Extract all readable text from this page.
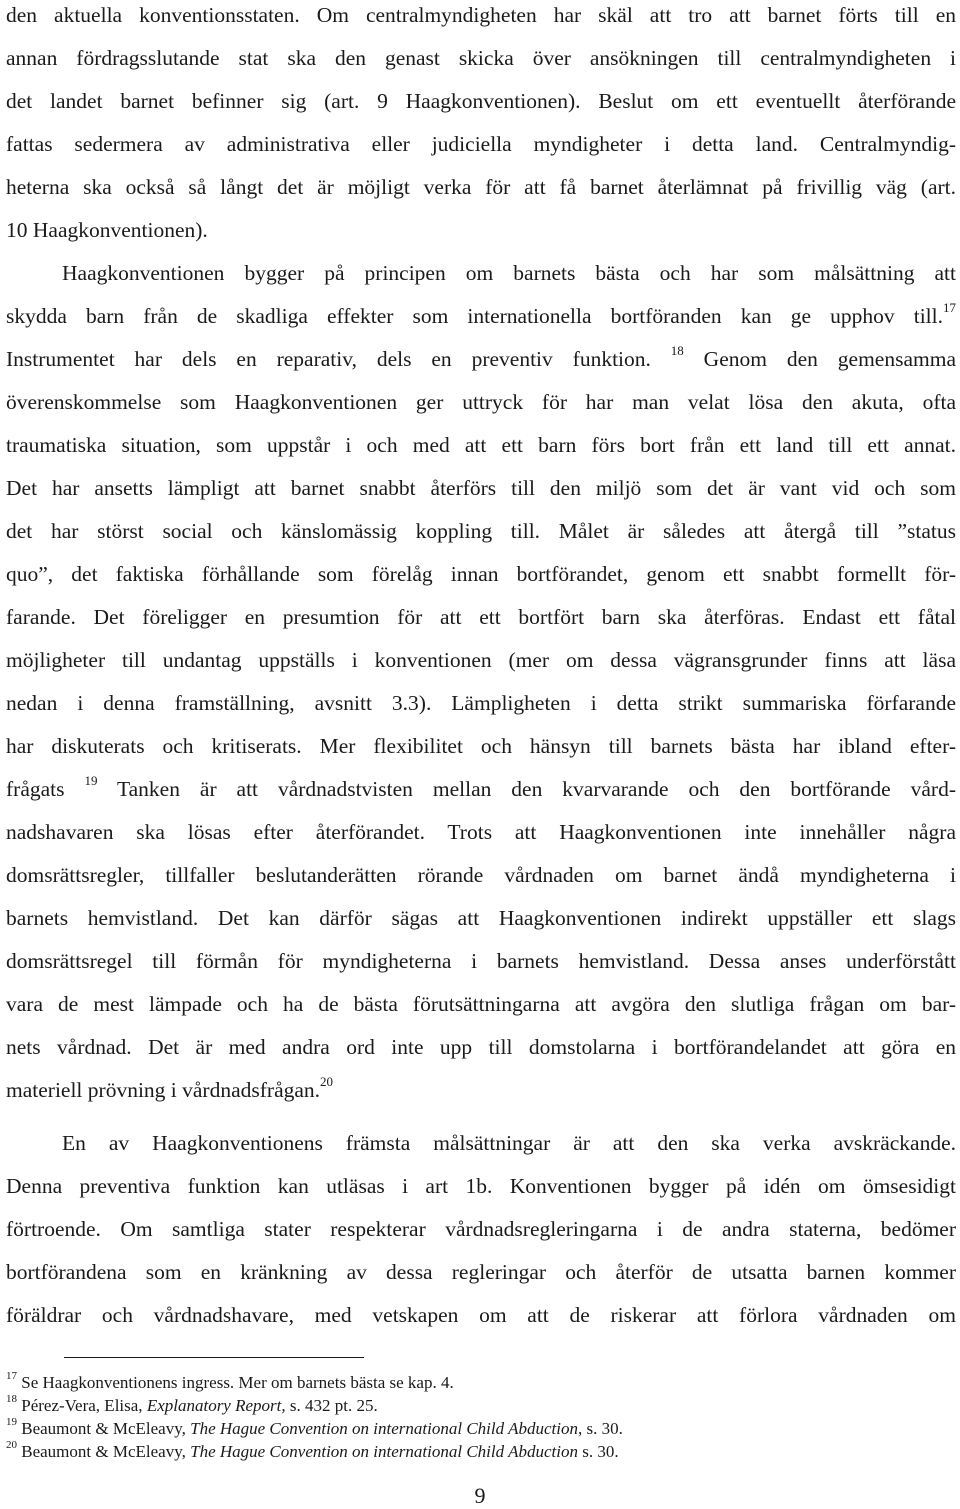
den aktuella konventionsstaten. Om centralmyndigheten har skäl att tro att barnet förts till en
annan fördragsslutande stat ska den genast skicka över ansökningen till centralmyndigheten i
det landet barnet befinner sig (art. 9 Haagkonventionen). Beslut om ett eventuellt återförande
fattas sedermera av administrativa eller judiciella myndigheter i detta land. Centralmyndig-
heterna ska också så långt det är möjligt verka för att få barnet återlämnat på frivillig väg (art.
10 Haagkonventionen).
Haagkonventionen bygger på principen om barnets bästa och har som målsättning att
skydda barn från de skadliga effekter som internationella bortföranden kan ge upphov till.$^{17}$
Instrumentet har dels en reparativ, dels en preventiv funktion. $^{18}$ Genom den gemensamma
överenskommelse som Haagkonventionen ger uttryck för har man velat lösa den akuta, ofta
traumatiska situation, som uppstår i och med att ett barn förs bort från ett land till ett annat.
Det har ansetts lämpligt att barnet snabbt återförs till den miljö som det är vant vid och som
det har störst social och känslomässig koppling till. Målet är således att återgå till ”status
quo”, det faktiska förhållande som förelåg innan bortförandet, genom ett snabbt formellt för-
farande. Det föreligger en presumtion för att ett bortfört barn ska återföras. Endast ett fåtal
möjligheter till undantag uppställs i konventionen (mer om dessa vägransgrunder finns att läsa
nedan i denna framställning, avsnitt 3.3). Lämpligheten i detta strikt summariska förfarande
har diskuterats och kritiserats. Mer flexibilitet och hänsyn till barnets bästa har ibland efter-
frågats $^{19}$ Tanken är att vårdnadstvisten mellan den kvarvarande och den bortförande vård-
nadshavaren ska lösas efter återförandet. Trots att Haagkonventionen inte innehåller några
domsrättsregler, tillfaller beslutanderätten rörande vårdnaden om barnet ändå myndigheterna i
barnets hemvistland. Det kan därför sägas att Haagkonventionen indirekt uppställer ett slags
domsrättsregel till förmån för myndigheterna i barnets hemvistland. Dessa anses underförstått
vara de mest lämpade och ha de bästa förutsättningarna att avgöra den slutliga frågan om bar-
nets vårdnad. Det är med andra ord inte upp till domstolarna i bortförandelandet att göra en
materiell prövning i vårdnadsfrågan.$^{20}$
En av Haagkonventionens främsta målsättningar är att den ska verka avskräckande.
Denna preventiva funktion kan utläsas i art 1b. Konventionen bygger på idén om ömsesidigt
förtroende. Om samtliga stater respekterar vårdnadsregleringarna i de andra staterna, bedömer
bortförandena som en kränkning av dessa regleringar och återför de utsatta barnen kommer
föräldrar och vårdnadshavare, med vetskapen om att de riskerar att förlora vårdnaden om
$^{17}$ Se Haagkonventionens ingress. Mer om barnets bästa se kap. 4.
$^{18}$ Pérez-Vera, Elisa, Explanatory Report, s. 432 pt. 25.
$^{19}$ Beaumont & McEleavy, The Hague Convention on international Child Abduction, s. 30.
$^{20}$ Beaumont & McEleavy, The Hague Convention on international Child Abduction s. 30.
9
